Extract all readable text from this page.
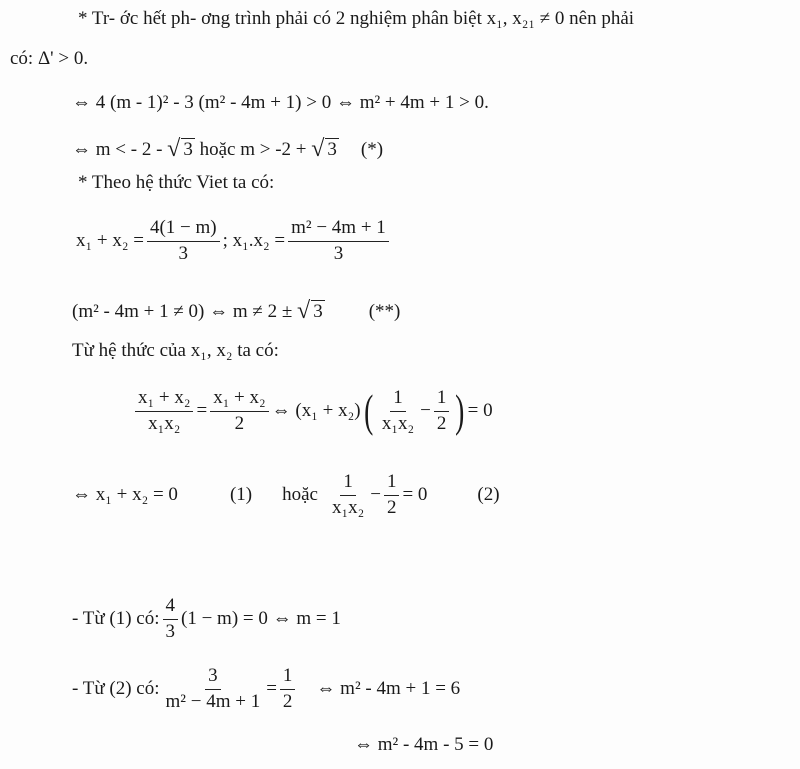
* Tr- ớc hết ph- ơng trình phải có 2 nghiệm phân biệt x₁, x₂₁ ≠ 0 nên phải
có: Δ' > 0.
⇔ 4 (m - 1)² - 3 (m² - 4m + 1) > 0 ⇔ m² + 4m + 1 > 0.
⇔ m < - 2 - √ 3 hoặc m > -2 + √ 3 (*)
* Theo hệ thức Viet ta có:
$x_1 + x_2 = \frac{4(1 - m)}{3}$ ; $x_1.x_2 = \frac{\text{m² − 4m + 1}}{3}$
(m² - 4m + 1 ≠ 0) ⇔ m ≠ 2 ± √ 3 (**)
Từ hệ thức của x₁, x₂ ta có:
$\frac{\text{x₁ + x₂}}{\text{x₁x₂}} = \frac{\text{x₁ + x₂}}{2}$ ⇔ (x₁ + x₂) ( $\frac{1}{\text{x₁x₂}} - \frac{1}{2}$ ) = 0
⇔ x₁ + x₂ = 0	(1) hoặc $\frac{1}{\text{x₁x₂}} - \frac{1}{2} = 0$	(2)
- Từ (1) có: $\frac{4}{3} (1 - m) = 0$ ⇔ m = 1
- Từ (2) có: $\frac{3}{\text{m² − 4m + 1}} = \frac{1}{2}$ ⇔ m² - 4m + 1 = 6
⇔ m² - 4m - 5 = 0
